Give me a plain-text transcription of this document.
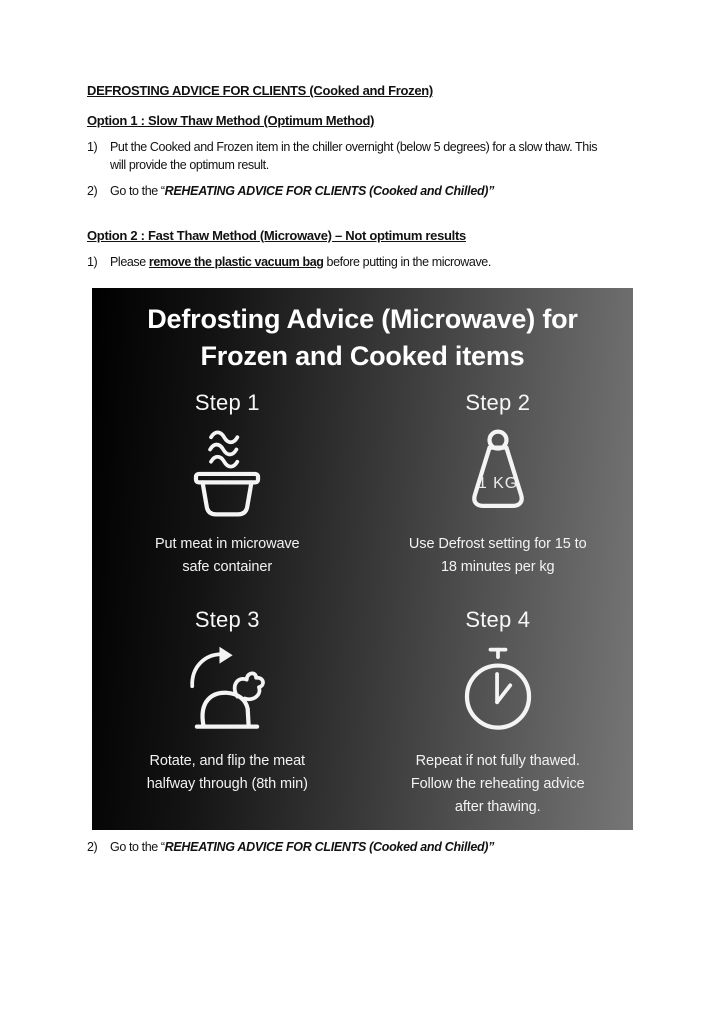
DEFROSTING ADVICE FOR CLIENTS (Cooked and Frozen)
Option 1 : Slow Thaw Method (Optimum Method)
1)	Put the Cooked and Frozen item in the chiller overnight (below 5 degrees) for a slow thaw. This
will provide the optimum result.
2)	Go to the “REHEATING ADVICE FOR CLIENTS (Cooked and Chilled)”
Option 2 : Fast Thaw Method (Microwave) – Not optimum results
1)	Please remove the plastic vacuum bag before putting in the microwave.
Defrosting Advice (Microwave) for
Frozen and Cooked items
Step 1
Put meat in microwave
safe container
Step 2
1 KG
Use Defrost setting for 15 to
18 minutes per kg
Step 3
Rotate, and flip the meat
halfway through (8th min)
Step 4
Repeat if not fully thawed.
Follow the reheating advice
after thawing.
2)	Go to the “REHEATING ADVICE FOR CLIENTS (Cooked and Chilled)”
